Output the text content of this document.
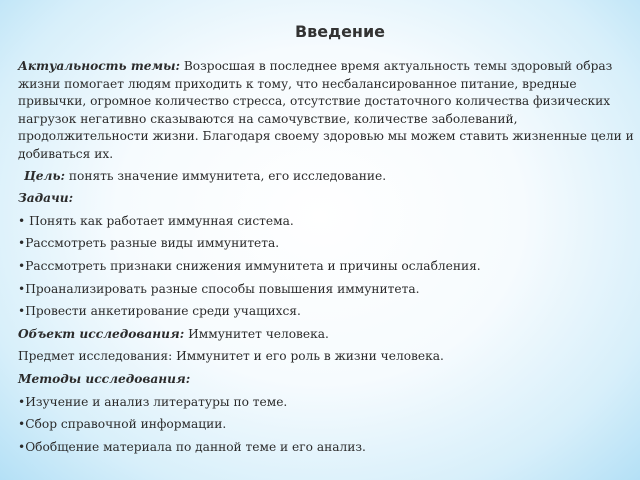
Введение

Актуальность темы: Возросшая в последнее время актуальность темы здоровый образ жизни помогает людям приходить к тому, что несбалансированное питание, вредные привычки, огромное количество стресса, отсутствие достаточного количества физических нагрузок негативно сказываются на самочувствие, количестве заболеваний, продолжительности жизни. Благодаря своему здоровью мы можем ставить жизненные цели и добиваться их.

Цель: понять значение иммунитета, его исследование.

Задачи:

• Понять как работает иммунная система.

•Рассмотреть разные виды иммунитета.

•Рассмотреть признаки снижения иммунитета и причины ослабления.

•Проанализировать разные способы повышения иммунитета.

•Провести анкетирование среди учащихся.

Объект исследования: Иммунитет человека.

Предмет исследования: Иммунитет и его роль в жизни человека.

Методы исследования:

•Изучение и анализ литературы по теме.

•Сбор справочной информации.

•Обобщение материала по данной теме и его анализ.
